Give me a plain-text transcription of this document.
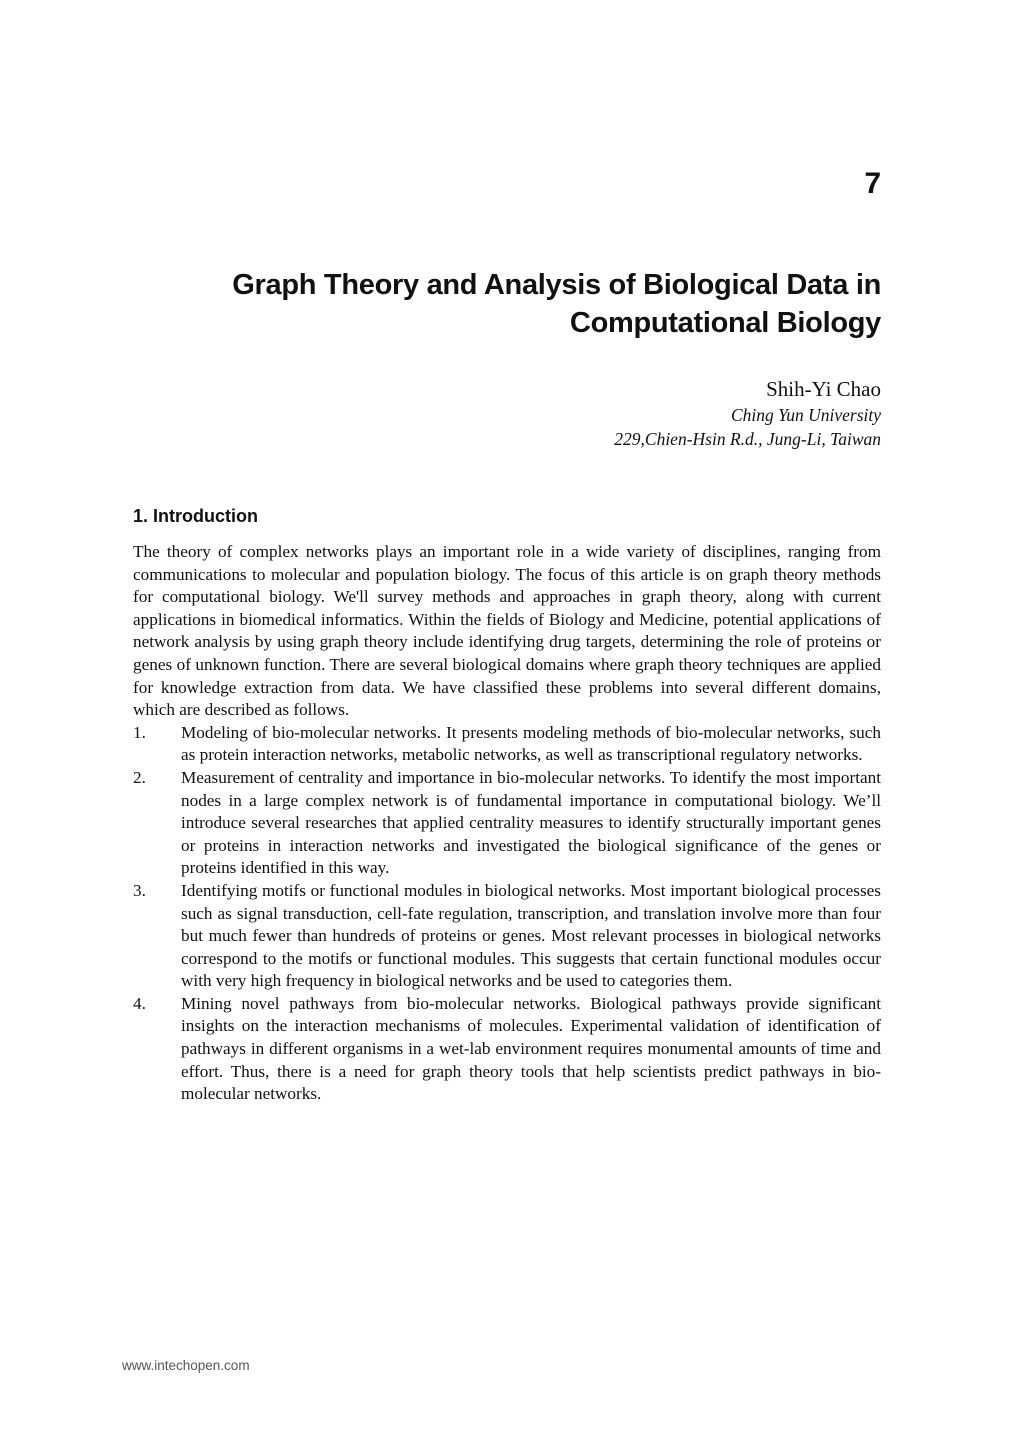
7
Graph Theory and Analysis of Biological Data in
Computational Biology
Shih-Yi Chao
Ching Yun University
229,Chien-Hsin R.d., Jung-Li, Taiwan
1. Introduction

The theory of complex networks plays an important role in a wide variety of disciplines, ranging from communications to molecular and population biology. The focus of this article is on graph theory methods for computational biology. We'll survey methods and approaches in graph theory, along with current applications in biomedical informatics. Within the fields of Biology and Medicine, potential applications of network analysis by using graph theory include identifying drug targets, determining the role of proteins or genes of unknown function. There are several biological domains where graph theory techniques are applied for knowledge extraction from data. We have classified these problems into several different domains, which are described as follows.

1.	Modeling of bio-molecular networks. It presents modeling methods of bio-molecular networks, such as protein interaction networks, metabolic networks, as well as transcriptional regulatory networks.
2.	Measurement of centrality and importance in bio-molecular networks. To identify the most important nodes in a large complex network is of fundamental importance in computational biology. We’ll introduce several researches that applied centrality measures to identify structurally important genes or proteins in interaction networks and investigated the biological significance of the genes or proteins identified in this way.
3.	Identifying motifs or functional modules in biological networks. Most important biological processes such as signal transduction, cell-fate regulation, transcription, and translation involve more than four but much fewer than hundreds of proteins or genes. Most relevant processes in biological networks correspond to the motifs or functional modules. This suggests that certain functional modules occur with very high frequency in biological networks and be used to categories them.
4.	Mining novel pathways from bio-molecular networks. Biological pathways provide significant insights on the interaction mechanisms of molecules. Experimental validation of identification of pathways in different organisms in a wet-lab environment requires monumental amounts of time and effort. Thus, there is a need for graph theory tools that help scientists predict pathways in bio-molecular networks.
www.intechopen.com
